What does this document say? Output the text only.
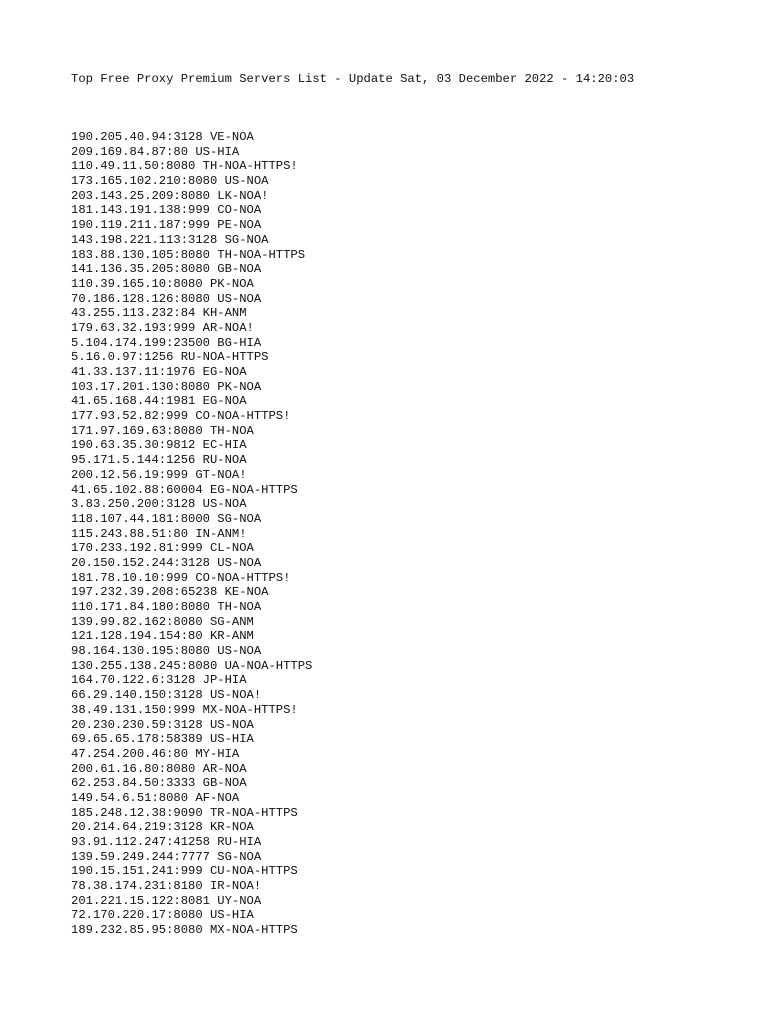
Top Free Proxy Premium Servers List - Update Sat, 03 December 2022 - 14:20:03
190.205.40.94:3128 VE-NOA
209.169.84.87:80 US-HIA
110.49.11.50:8080 TH-NOA-HTTPS!
173.165.102.210:8080 US-NOA
203.143.25.209:8080 LK-NOA!
181.143.191.138:999 CO-NOA
190.119.211.187:999 PE-NOA
143.198.221.113:3128 SG-NOA
183.88.130.105:8080 TH-NOA-HTTPS
141.136.35.205:8080 GB-NOA
110.39.165.10:8080 PK-NOA
70.186.128.126:8080 US-NOA
43.255.113.232:84 KH-ANM
179.63.32.193:999 AR-NOA!
5.104.174.199:23500 BG-HIA
5.16.0.97:1256 RU-NOA-HTTPS
41.33.137.11:1976 EG-NOA
103.17.201.130:8080 PK-NOA
41.65.168.44:1981 EG-NOA
177.93.52.82:999 CO-NOA-HTTPS!
171.97.169.63:8080 TH-NOA
190.63.35.30:9812 EC-HIA
95.171.5.144:1256 RU-NOA
200.12.56.19:999 GT-NOA!
41.65.102.88:60004 EG-NOA-HTTPS
3.83.250.200:3128 US-NOA
118.107.44.181:8000 SG-NOA
115.243.88.51:80 IN-ANM!
170.233.192.81:999 CL-NOA
20.150.152.244:3128 US-NOA
181.78.10.10:999 CO-NOA-HTTPS!
197.232.39.208:65238 KE-NOA
110.171.84.180:8080 TH-NOA
139.99.82.162:8080 SG-ANM
121.128.194.154:80 KR-ANM
98.164.130.195:8080 US-NOA
130.255.138.245:8080 UA-NOA-HTTPS
164.70.122.6:3128 JP-HIA
66.29.140.150:3128 US-NOA!
38.49.131.150:999 MX-NOA-HTTPS!
20.230.230.59:3128 US-NOA
69.65.65.178:58389 US-HIA
47.254.200.46:80 MY-HIA
200.61.16.80:8080 AR-NOA
62.253.84.50:3333 GB-NOA
149.54.6.51:8080 AF-NOA
185.248.12.38:9090 TR-NOA-HTTPS
20.214.64.219:3128 KR-NOA
93.91.112.247:41258 RU-HIA
139.59.249.244:7777 SG-NOA
190.15.151.241:999 CU-NOA-HTTPS
78.38.174.231:8180 IR-NOA!
201.221.15.122:8081 UY-NOA
72.170.220.17:8080 US-HIA
189.232.85.95:8080 MX-NOA-HTTPS
